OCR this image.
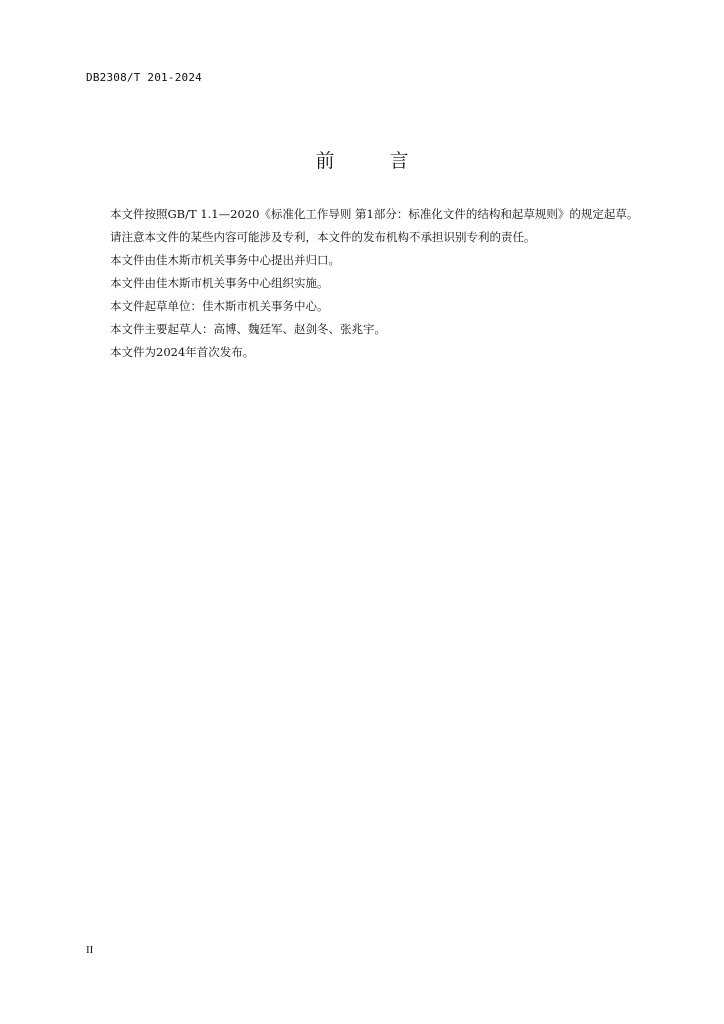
DB2308/T 201-2024
前　言

本文件按照GB/T 1.1—2020《标准化工作导则 第1部分：标准化文件的结构和起草规则》的规定起草。

请注意本文件的某些内容可能涉及专利，本文件的发布机构不承担识别专利的责任。

本文件由佳木斯市机关事务中心提出并归口。

本文件由佳木斯市机关事务中心组织实施。

本文件起草单位：佳木斯市机关事务中心。

本文件主要起草人：高博、魏廷军、赵剑冬、张兆宇。

本文件为2024年首次发布。

II
